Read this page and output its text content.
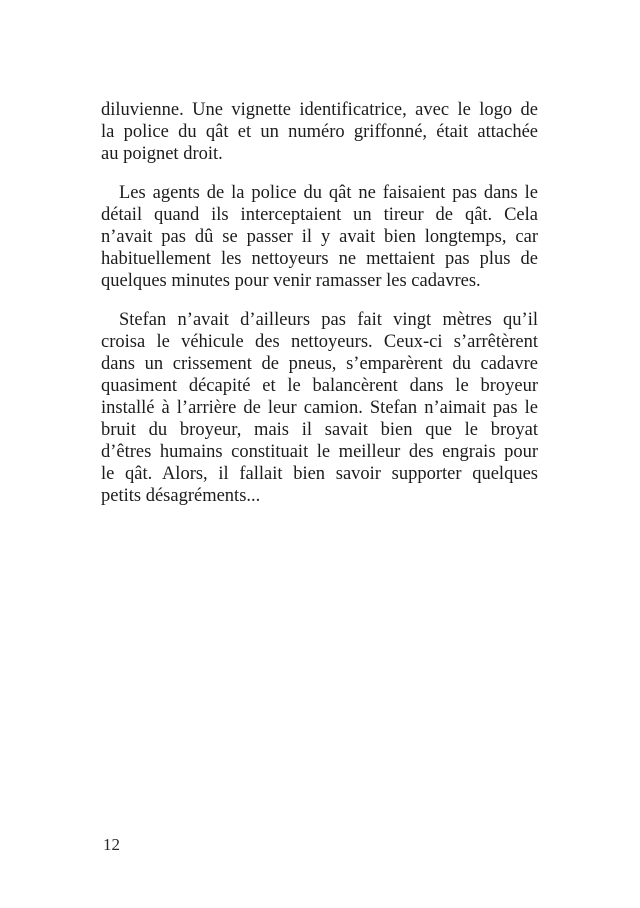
diluvienne. Une vignette identificatrice, avec le logo de
la police du qât et un numéro griffonné, était attachée
au poignet droit.
Les agents de la police du qât ne faisaient pas dans le
détail quand ils interceptaient un tireur de qât. Cela
n’avait pas dû se passer il y avait bien longtemps, car
habituellement les nettoyeurs ne mettaient pas plus de
quelques minutes pour venir ramasser les cadavres.
Stefan n’avait d’ailleurs pas fait vingt mètres qu’il
croisa le véhicule des nettoyeurs. Ceux-ci s’arrêtèrent
dans un crissement de pneus, s’emparèrent du cadavre
quasiment décapité et le balancèrent dans le broyeur
installé à l’arrière de leur camion. Stefan n’aimait pas le
bruit du broyeur, mais il savait bien que le broyat
d’êtres humains constituait le meilleur des engrais pour
le qât. Alors, il fallait bien savoir supporter quelques
petits désagréments...
12
